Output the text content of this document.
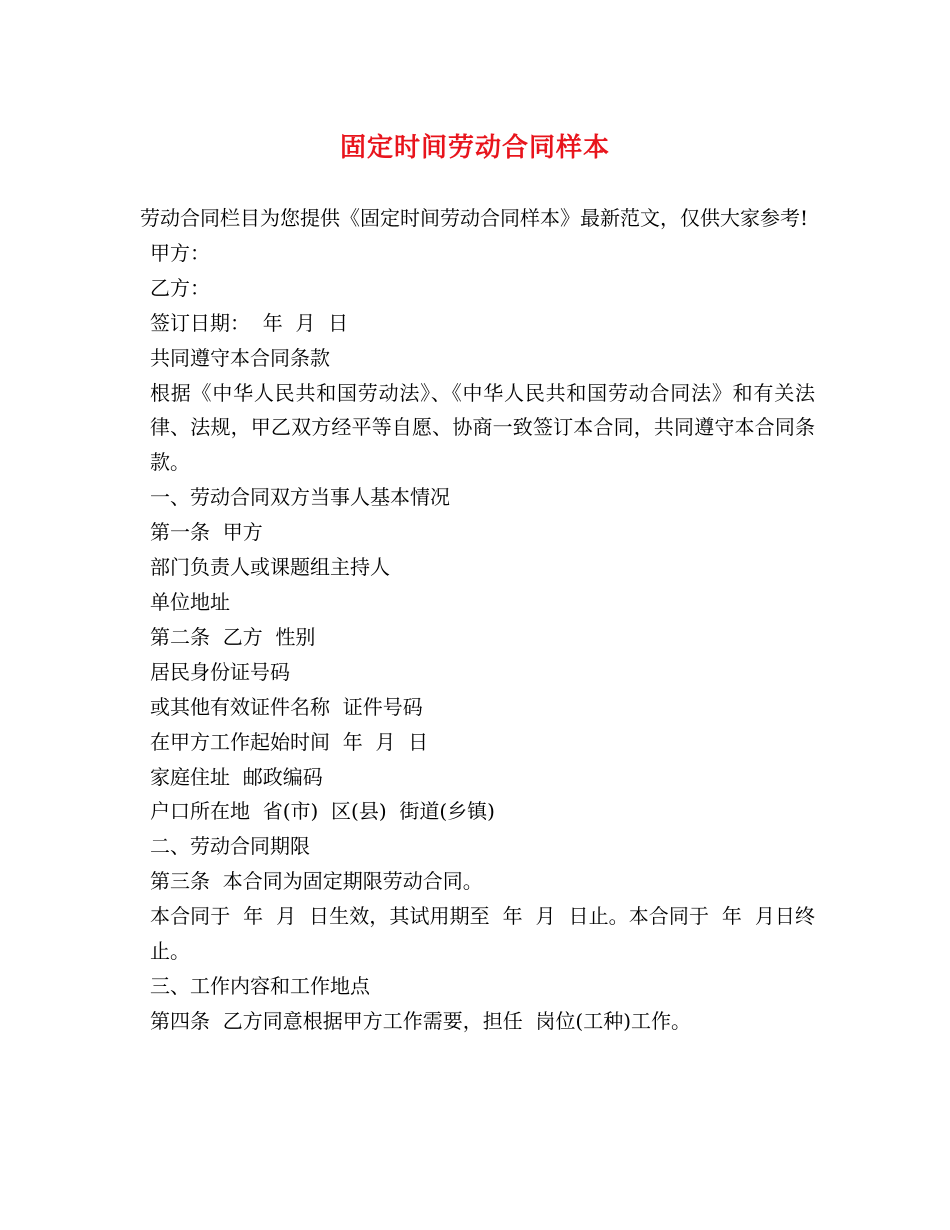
固定时间劳动合同样本

劳动合同栏目为您提供《固定时间劳动合同样本》最新范文，仅供大家参考!

甲方：

乙方：

签订日期：  年  月  日

共同遵守本合同条款

根据《中华人民共和国劳动法》、《中华人民共和国劳动合同法》和有关法律、法规，甲乙双方经平等自愿、协商一致签订本合同，共同遵守本合同条款。

一、劳动合同双方当事人基本情况

第一条  甲方

部门负责人或课题组主持人

单位地址

第二条  乙方  性别

居民身份证号码

或其他有效证件名称  证件号码

在甲方工作起始时间  年  月  日

家庭住址  邮政编码

户口所在地  省(市)  区(县)  街道(乡镇)

二、劳动合同期限

第三条  本合同为固定期限劳动合同。

本合同于  年  月  日生效，其试用期至  年  月  日止。本合同于  年  月日终止。

三、工作内容和工作地点

第四条  乙方同意根据甲方工作需要，担任  岗位(工种)工作。
